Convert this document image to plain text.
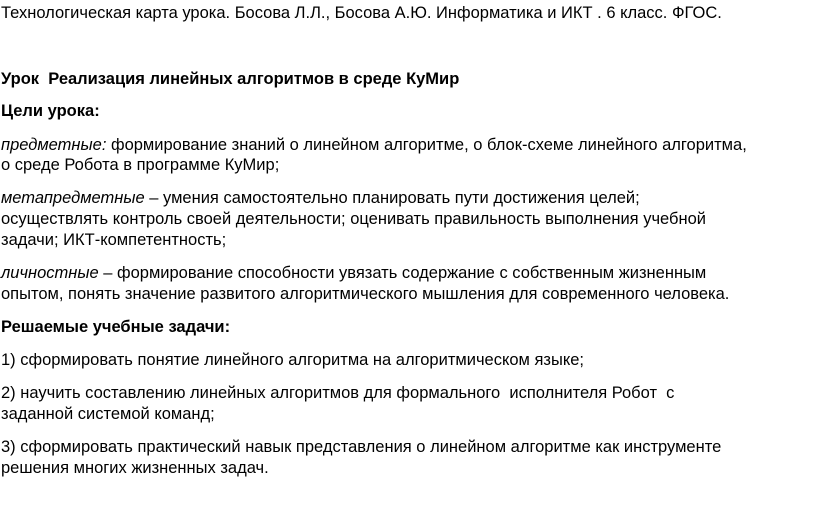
Технологическая карта урока. Босова Л.Л., Босова А.Ю. Информатика и ИКТ . 6 класс. ФГОС.
Урок  Реализация линейных алгоритмов в среде КуМир
Цели урока:
предметные: формирование знаний о линейном алгоритме, о блок-схеме линейного алгоритма,
о среде Робота в программе КуМир;
метапредметные – умения самостоятельно планировать пути достижения целей;
осуществлять контроль своей деятельности; оценивать правильность выполнения учебной
задачи; ИКТ-компетентность;
личностные – формирование способности увязать содержание с собственным жизненным
опытом, понять значение развитого алгоритмического мышления для современного человека.
Решаемые учебные задачи:
1) сформировать понятие линейного алгоритма на алгоритмическом языке;
2) научить составлению линейных алгоритмов для формального  исполнителя Робот  с
заданной системой команд;
3) сформировать практический навык представления о линейном алгоритме как инструменте
решения многих жизненных задач.
